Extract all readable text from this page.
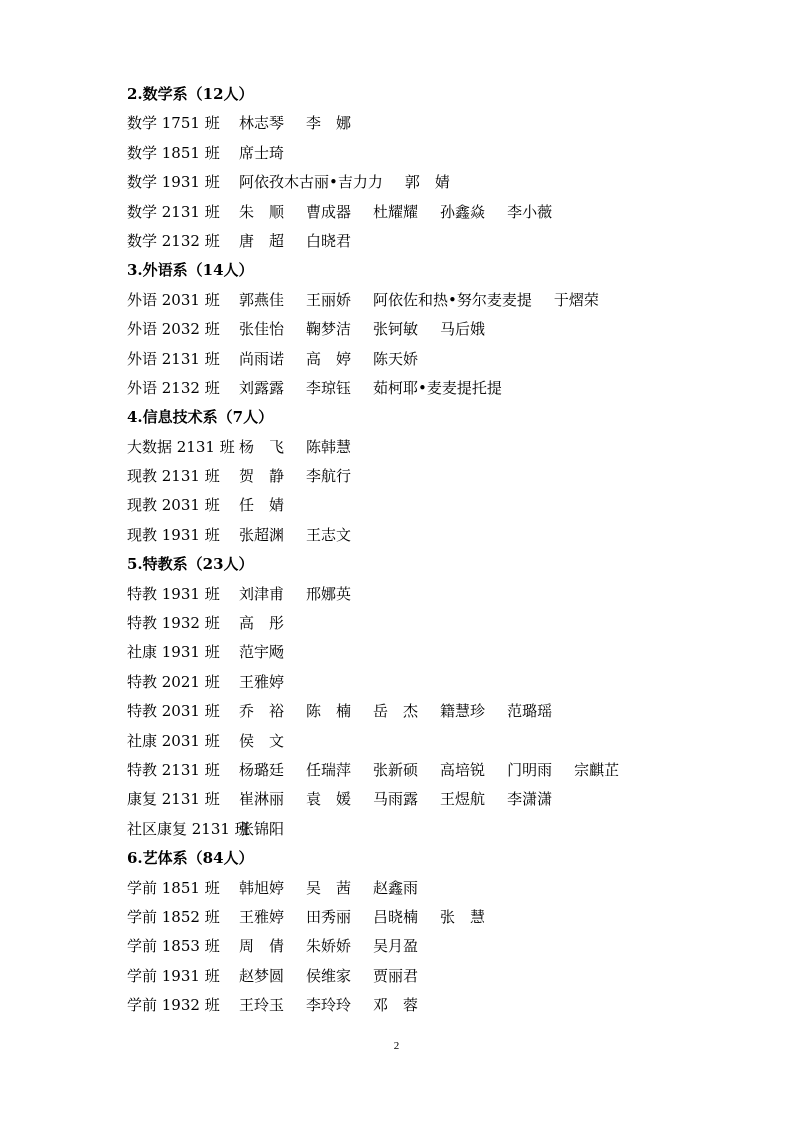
2.数学系（12人）
数学 1751 班 林志琴 李　娜
数学 1851 班 席士琦
数学 1931 班 阿依孜木古丽•吉力力 郭　婧
数学 2131 班 朱　顺 曹成器 杜耀耀 孙鑫焱 李小薇
数学 2132 班 唐　超 白晓君
3.外语系（14人）
外语 2031 班 郭燕佳 王丽娇 阿依佐和热•努尔麦麦提 于熠荣
外语 2032 班 张佳怡 鞠梦洁 张钶敏 马后娥
外语 2131 班 尚雨诺 高　婷 陈天娇
外语 2132 班 刘露露 李琼钰 茹柯耶•麦麦提托提
4.信息技术系（7人）
大数据 2131 班 杨　飞 陈韩慧
现教 2131 班 贺　静 李航行
现教 2031 班 任　婧
现教 1931 班 张超渊 王志文
5.特教系（23人）
特教 1931 班 刘津甫 邢娜英
特教 1932 班 高　彤
社康 1931 班 范宇飏
特教 2021 班 王雅婷
特教 2031 班 乔　裕 陈　楠 岳　杰 籍慧珍 范璐瑶
社康 2031 班 侯　文
特教 2131 班 杨璐廷 任瑞萍 张新硕 高培锐 门明雨 宗麒芷
康复 2131 班 崔淋丽 袁　媛 马雨露 王煜航 李潇潇
社区康复 2131 班张锦阳
6.艺体系（84人）
学前 1851 班 韩旭婷 吴　茜 赵鑫雨
学前 1852 班 王雅婷 田秀丽 吕晓楠 张　慧
学前 1853 班 周　倩 朱娇娇 吴月盈
学前 1931 班 赵梦圆 侯维家 贾丽君
学前 1932 班 王玲玉 李玲玲 邓　蓉
2
